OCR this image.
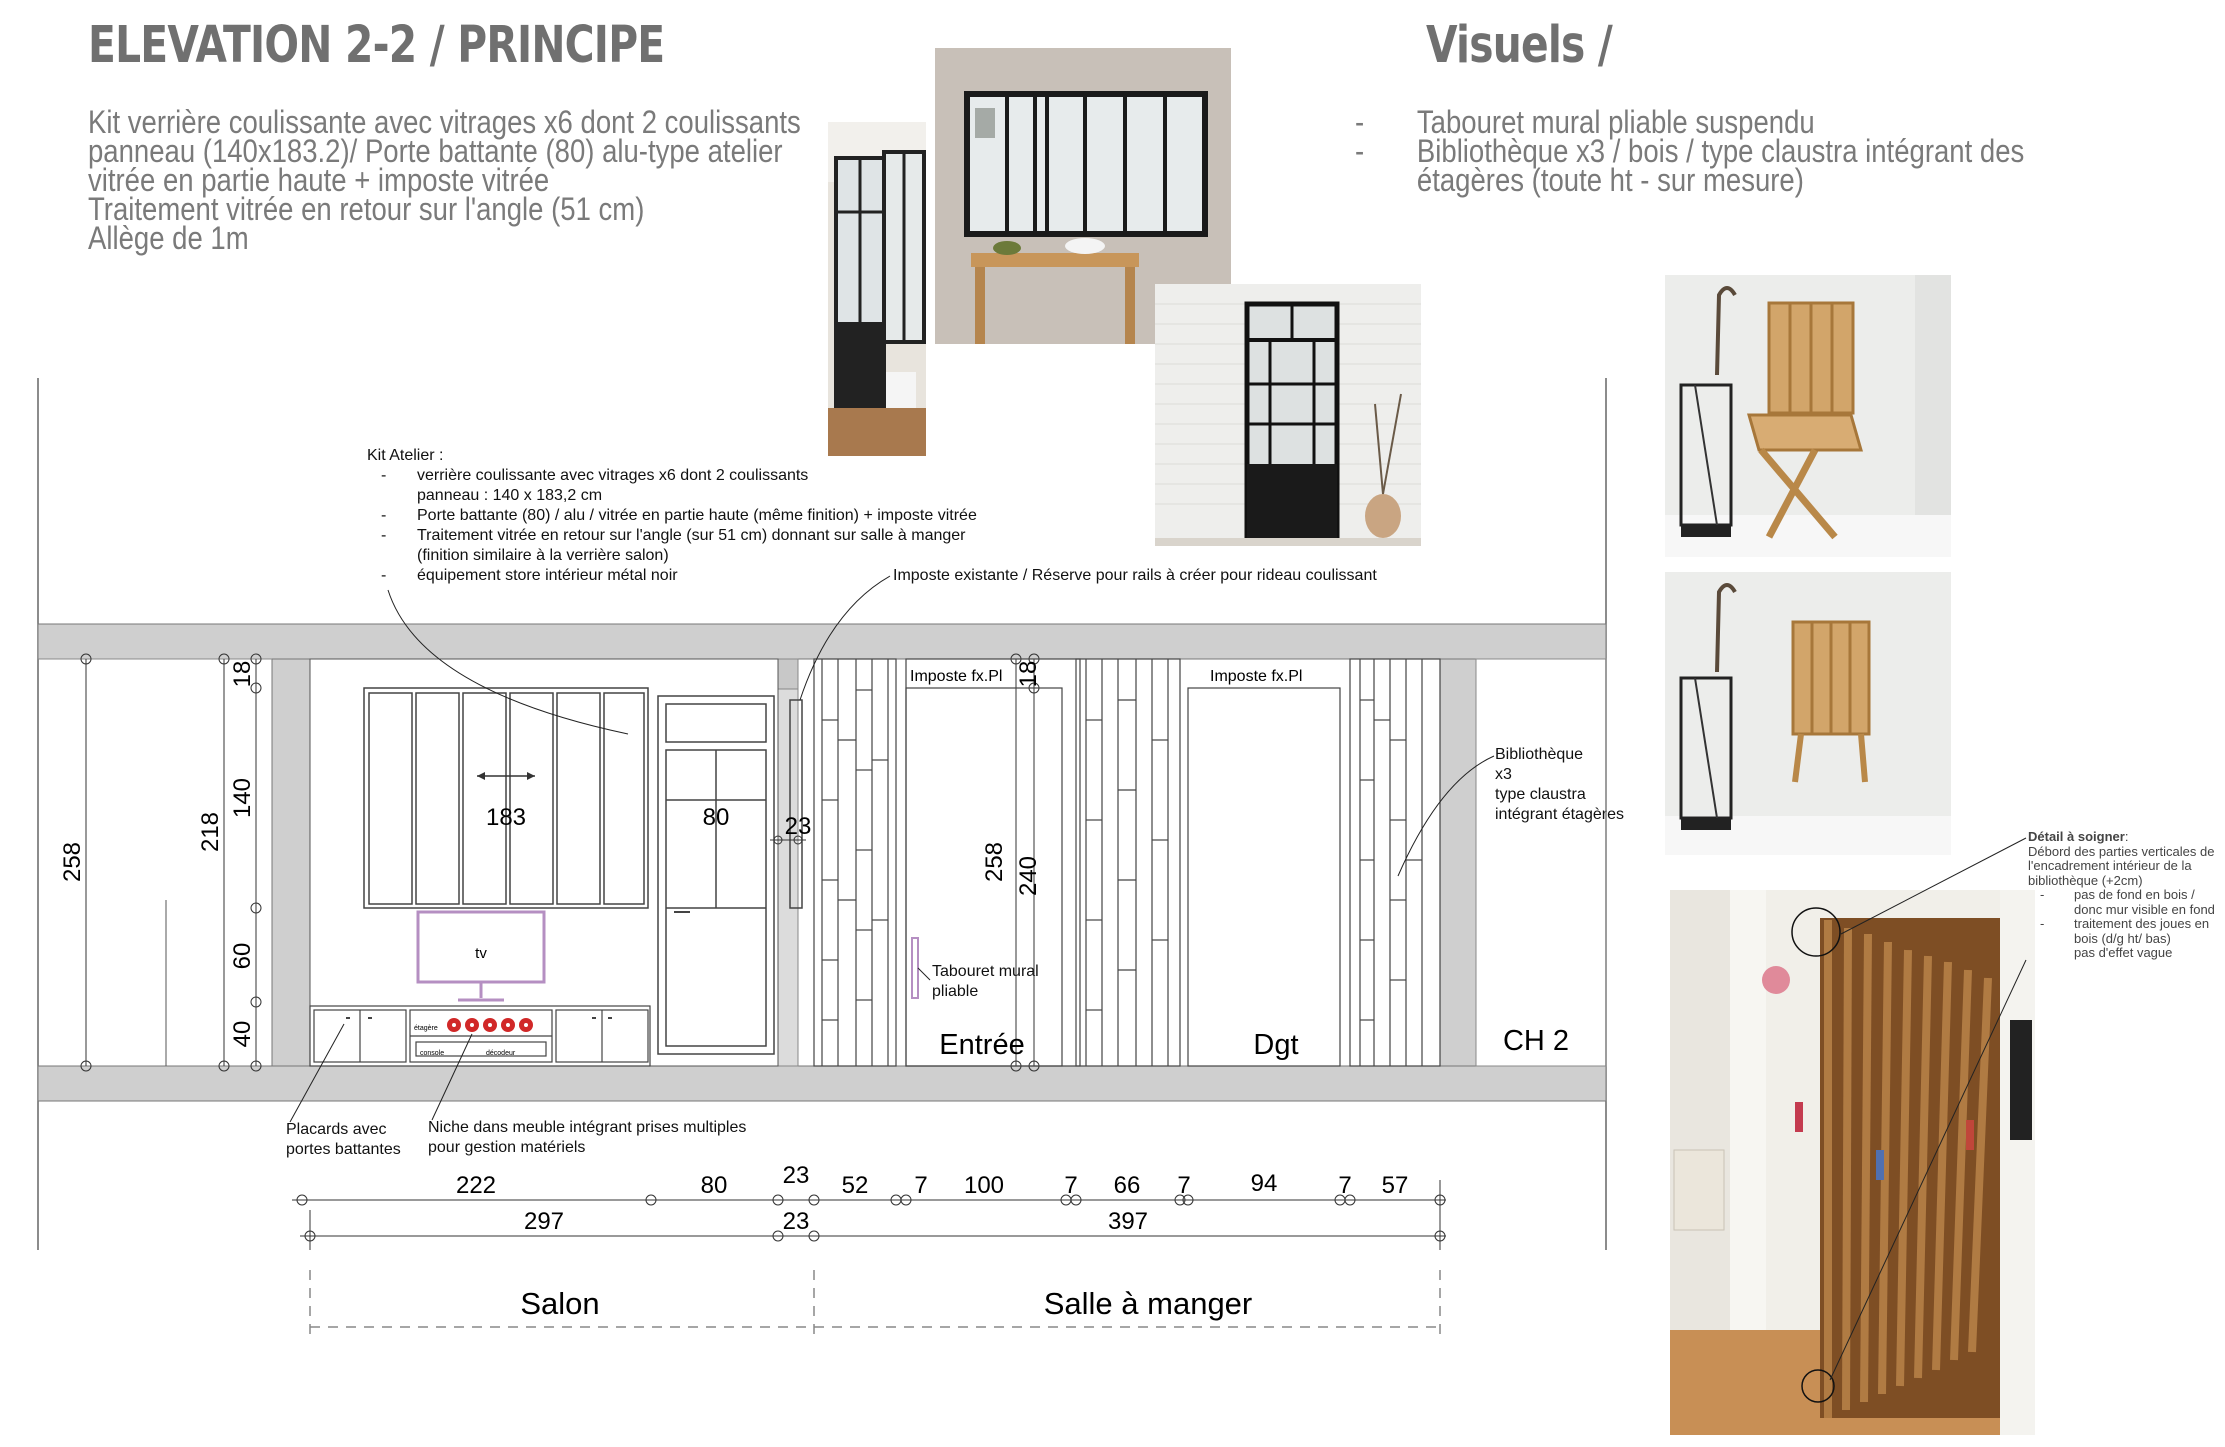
ELEVATION 2-2 / PRINCIPE	Visuels /
Kit verrière coulissante avec vitrages x6 dont 2 coulissants
panneau (140x183.2)/ Porte battante (80) alu-type atelier
vitrée en partie haute + imposte vitrée
Traitement vitrée en retour sur l'angle (51 cm)
Allège de 1m
-	Tabouret mural pliable suspendu
-	Bibliothèque x3 / bois / type claustra intégrant des
étagères (toute ht - sur mesure)
Détail à soigner :
Débord des parties verticales de
l'encadrement intérieur de la
bibliothèque (+2cm)
-	pas de fond en bois /
donc mur visible en fond
-	traitement des joues en
bois (d/g ht/ bas)
pas d'effet vague
Kit Atelier :
-	verrière coulissante avec vitrages x6 dont 2 coulissants
panneau : 140 x 183,2 cm
-	Porte battante (80) / alu / vitrée en partie haute (même finition) + imposte vitrée
-	Traitement vitrée en retour sur l'angle (sur 51 cm) donnant sur salle à manger
(finition similaire à la verrière salon)
-	équipement store intérieur métal noir	Imposte existante / Réserve pour rails à créer pour rideau coulissant
Bibliothèque
x3
type claustra
intégrant étagères
Tabouret mural
pliable
Placards avec
portes battantes
Niche dans meuble intégrant prises multiples
pour gestion matériels
258
218
18
140
60
40
258 240
18
183	80 23
tv
étagère
console	décodeur
Imposte fx.Pl
Entrée
Imposte fx.Pl
Dgt	CH 2
222	80 23 52 7 100	7 66 7 94	7 57
297	23	397
Salon	Salle à manger
